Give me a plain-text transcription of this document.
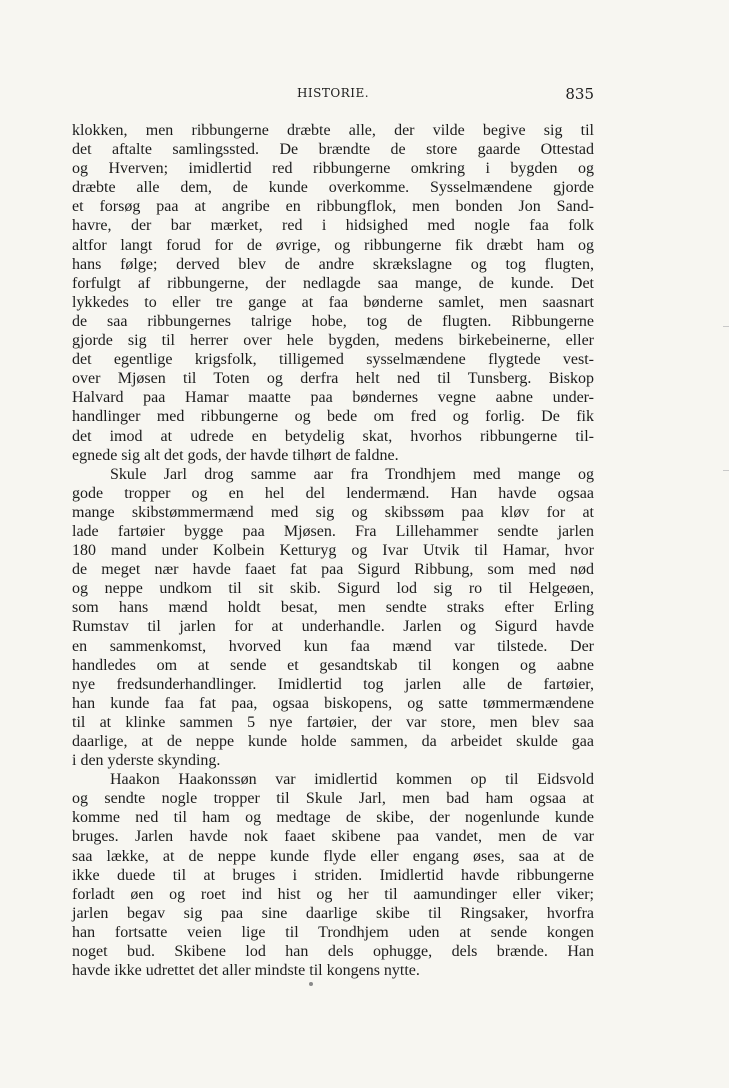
HISTORIE.	835
klokken, men ribbungerne dræbte alle, der vilde begive sig til
det aftalte samlingssted. De brændte de store gaarde Ottestad
og Hverven; imidlertid red ribbungerne omkring i bygden og
dræbte alle dem, de kunde overkomme. Sysselmændene gjorde
et forsøg paa at angribe en ribbungflok, men bonden Jon Sand-
havre, der bar mærket, red i hidsighed med nogle faa folk
altfor langt forud for de øvrige, og ribbungerne fik dræbt ham og
hans følge; derved blev de andre skrækslagne og tog flugten,
forfulgt af ribbungerne, der nedlagde saa mange, de kunde. Det
lykkedes to eller tre gange at faa bønderne samlet, men saasnart
de saa ribbungernes talrige hobe, tog de flugten. Ribbungerne
gjorde sig til herrer over hele bygden, medens birkebeinerne, eller
det egentlige krigsfolk, tilligemed sysselmændene flygtede vest-
over Mjøsen til Toten og derfra helt ned til Tunsberg. Biskop
Halvard paa Hamar maatte paa bøndernes vegne aabne under-
handlinger med ribbungerne og bede om fred og forlig. De fik
det imod at udrede en betydelig skat, hvorhos ribbungerne til-
egnede sig alt det gods, der havde tilhørt de faldne.
Skule Jarl drog samme aar fra Trondhjem med mange og
gode tropper og en hel del lendermænd. Han havde ogsaa
mange skibstømmermænd med sig og skibssøm paa kløv for at
lade fartøier bygge paa Mjøsen. Fra Lillehammer sendte jarlen
180 mand under Kolbein Ketturyg og Ivar Utvik til Hamar, hvor
de meget nær havde faaet fat paa Sigurd Ribbung, som med nød
og neppe undkom til sit skib. Sigurd lod sig ro til Helgeøen,
som hans mænd holdt besat, men sendte straks efter Erling
Rumstav til jarlen for at underhandle. Jarlen og Sigurd havde
en sammenkomst, hvorved kun faa mænd var tilstede. Der
handledes om at sende et gesandtskab til kongen og aabne
nye fredsunderhandlinger. Imidlertid tog jarlen alle de fartøier,
han kunde faa fat paa, ogsaa biskopens, og satte tømmermændene
til at klinke sammen 5 nye fartøier, der var store, men blev saa
daarlige, at de neppe kunde holde sammen, da arbeidet skulde gaa
i den yderste skynding.
Haakon Haakonssøn var imidlertid kommen op til Eidsvold
og sendte nogle tropper til Skule Jarl, men bad ham ogsaa at
komme ned til ham og medtage de skibe, der nogenlunde kunde
bruges. Jarlen havde nok faaet skibene paa vandet, men de var
saa lække, at de neppe kunde flyde eller engang øses, saa at de
ikke duede til at bruges i striden. Imidlertid havde ribbungerne
forladt øen og roet ind hist og her til aamundinger eller viker;
jarlen begav sig paa sine daarlige skibe til Ringsaker, hvorfra
han fortsatte veien lige til Trondhjem uden at sende kongen
noget bud. Skibene lod han dels ophugge, dels brænde. Han
havde ikke udrettet det aller mindste til kongens nytte.
